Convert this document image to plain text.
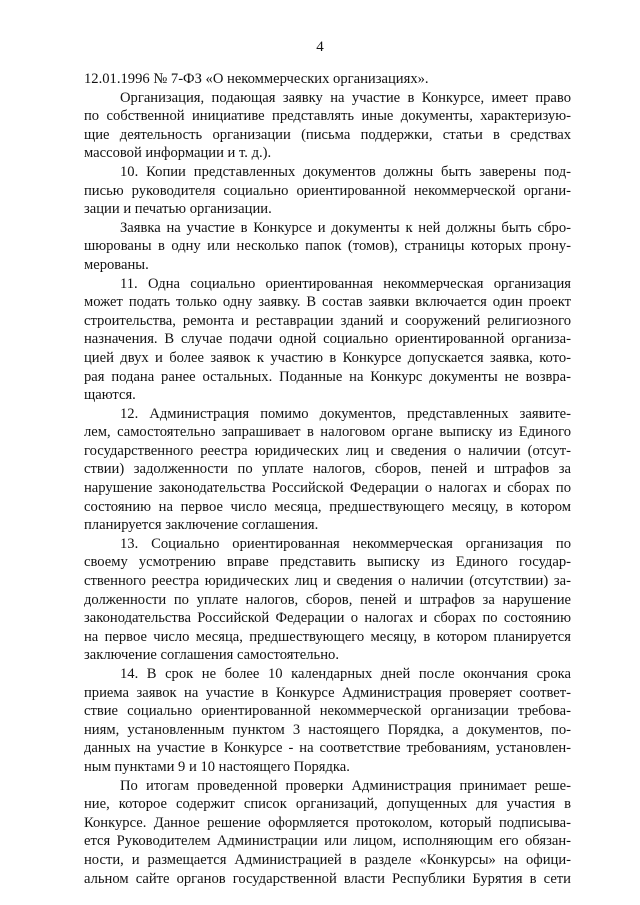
4
12.01.1996 № 7-ФЗ «О некоммерческих организациях».
Организация, подающая заявку на участие в Конкурсе, имеет право
по собственной инициативе представлять иные документы, характеризую-
щие деятельность организации (письма поддержки, статьи в средствах
массовой информации и т. д.).
10. Копии представленных документов должны быть заверены под-
писью руководителя социально ориентированной некоммерческой органи-
зации и печатью организации.
Заявка на участие в Конкурсе и документы к ней должны быть сбро-
шюрованы в одну или несколько папок (томов), страницы которых прону-
мерованы.
11. Одна социально ориентированная некоммерческая организация
может подать только одну заявку. В состав заявки включается один проект
строительства, ремонта и реставрации зданий и сооружений религиозного
назначения. В случае подачи одной социально ориентированной организа-
цией двух и более заявок к участию в Конкурсе допускается заявка, кото-
рая подана ранее остальных. Поданные на Конкурс документы не возвра-
щаются.
12. Администрация помимо документов, представленных заявите-
лем, самостоятельно запрашивает в налоговом органе выписку из Единого
государственного реестра юридических лиц и сведения о наличии (отсут-
ствии) задолженности по уплате налогов, сборов, пеней и штрафов за
нарушение законодательства Российской Федерации о налогах и сборах по
состоянию на первое число месяца, предшествующего месяцу, в котором
планируется заключение соглашения.
13. Социально ориентированная некоммерческая организация по
своему усмотрению вправе представить выписку из Единого государ-
ственного реестра юридических лиц и сведения о наличии (отсутствии) за-
долженности по уплате налогов, сборов, пеней и штрафов за нарушение
законодательства Российской Федерации о налогах и сборах по состоянию
на первое число месяца, предшествующего месяцу, в котором планируется
заключение соглашения самостоятельно.
14. В срок не более 10 календарных дней после окончания срока
приема заявок на участие в Конкурсе Администрация проверяет соответ-
ствие социально ориентированной некоммерческой организации требова-
ниям, установленным пунктом 3 настоящего Порядка, а документов, по-
данных на участие в Конкурсе - на соответствие требованиям, установлен-
ным пунктами 9 и 10 настоящего Порядка.
По итогам проведенной проверки Администрация принимает реше-
ние, которое содержит список организаций, допущенных для участия в
Конкурсе. Данное решение оформляется протоколом, который подписыва-
ется Руководителем Администрации или лицом, исполняющим его обязан-
ности, и размещается Администрацией в разделе «Конкурсы» на офици-
альном сайте органов государственной власти Республики Бурятия в сети
